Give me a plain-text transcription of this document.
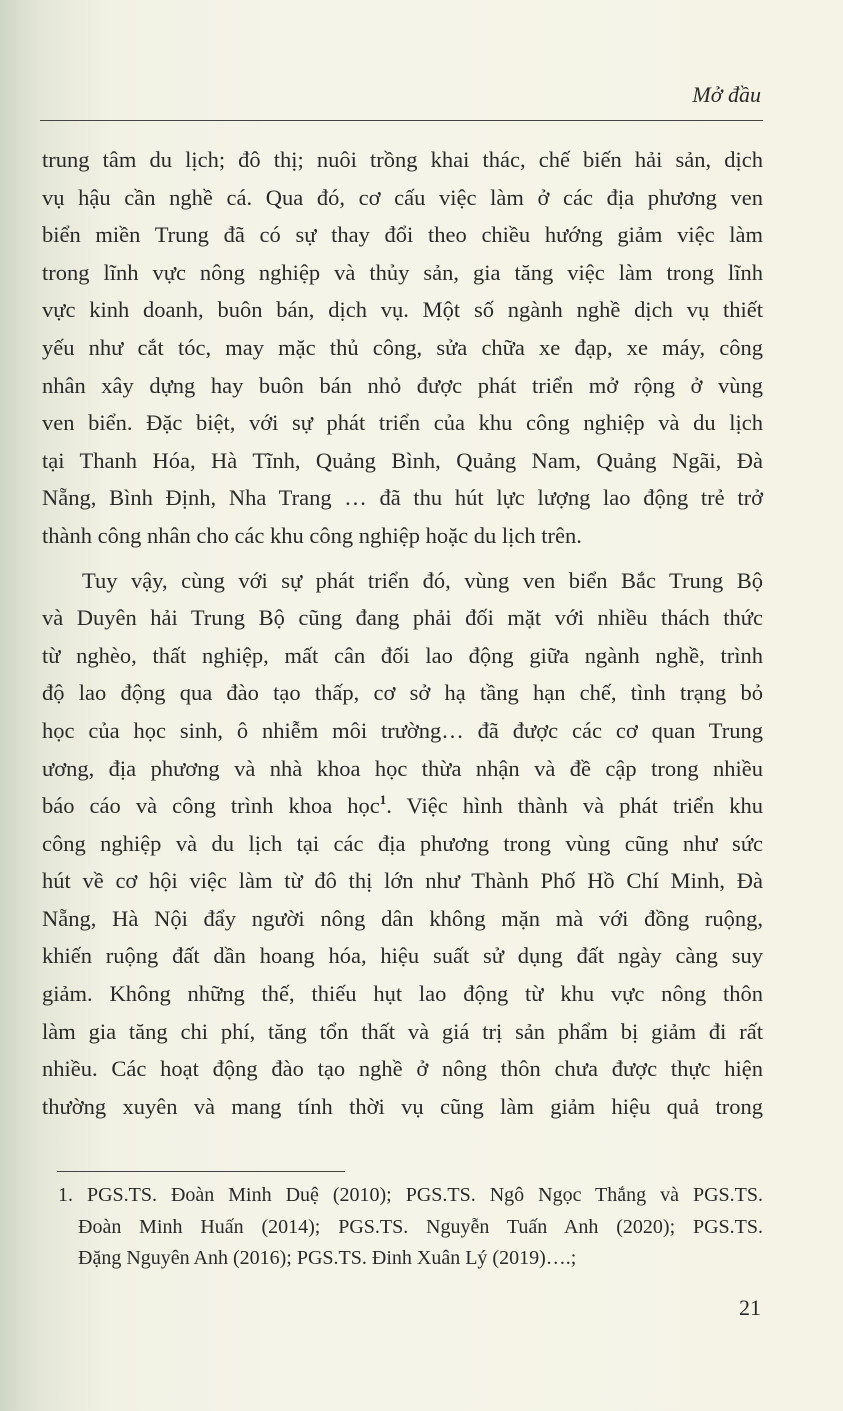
Mở đầu
trung tâm du lịch; đô thị; nuôi trồng khai thác, chế biến hải sản, dịch
vụ hậu cần nghề cá. Qua đó, cơ cấu việc làm ở các địa phương ven
biển miền Trung đã có sự thay đổi theo chiều hướng giảm việc làm
trong lĩnh vực nông nghiệp và thủy sản, gia tăng việc làm trong lĩnh
vực kinh doanh, buôn bán, dịch vụ. Một số ngành nghề dịch vụ thiết
yếu như cắt tóc, may mặc thủ công, sửa chữa xe đạp, xe máy, công
nhân xây dựng hay buôn bán nhỏ được phát triển mở rộng ở vùng
ven biển. Đặc biệt, với sự phát triển của khu công nghiệp và du lịch
tại Thanh Hóa, Hà Tĩnh, Quảng Bình, Quảng Nam, Quảng Ngãi, Đà
Nẵng, Bình Định, Nha Trang … đã thu hút lực lượng lao động trẻ trở
thành công nhân cho các khu công nghiệp hoặc du lịch trên.
Tuy vậy, cùng với sự phát triển đó, vùng ven biển Bắc Trung Bộ
và Duyên hải Trung Bộ cũng đang phải đối mặt với nhiều thách thức
từ nghèo, thất nghiệp, mất cân đối lao động giữa ngành nghề, trình
độ lao động qua đào tạo thấp, cơ sở hạ tầng hạn chế, tình trạng bỏ
học của học sinh, ô nhiễm môi trường… đã được các cơ quan Trung
ương, địa phương và nhà khoa học thừa nhận và đề cập trong nhiều
báo cáo và công trình khoa học$^1$. Việc hình thành và phát triển khu
công nghiệp và du lịch tại các địa phương trong vùng cũng như sức
hút về cơ hội việc làm từ đô thị lớn như Thành Phố Hồ Chí Minh, Đà
Nẵng, Hà Nội đẩy người nông dân không mặn mà với đồng ruộng,
khiến ruộng đất dần hoang hóa, hiệu suất sử dụng đất ngày càng suy
giảm. Không những thế, thiếu hụt lao động từ khu vực nông thôn
làm gia tăng chi phí, tăng tổn thất và giá trị sản phẩm bị giảm đi rất
nhiều. Các hoạt động đào tạo nghề ở nông thôn chưa được thực hiện
thường xuyên và mang tính thời vụ cũng làm giảm hiệu quả trong
1. PGS.TS. Đoàn Minh Duệ (2010); PGS.TS. Ngô Ngọc Thắng và PGS.TS.
Đoàn Minh Huấn (2014); PGS.TS. Nguyễn Tuấn Anh (2020); PGS.TS.
Đặng Nguyên Anh (2016); PGS.TS. Đinh Xuân Lý (2019)….;
21
